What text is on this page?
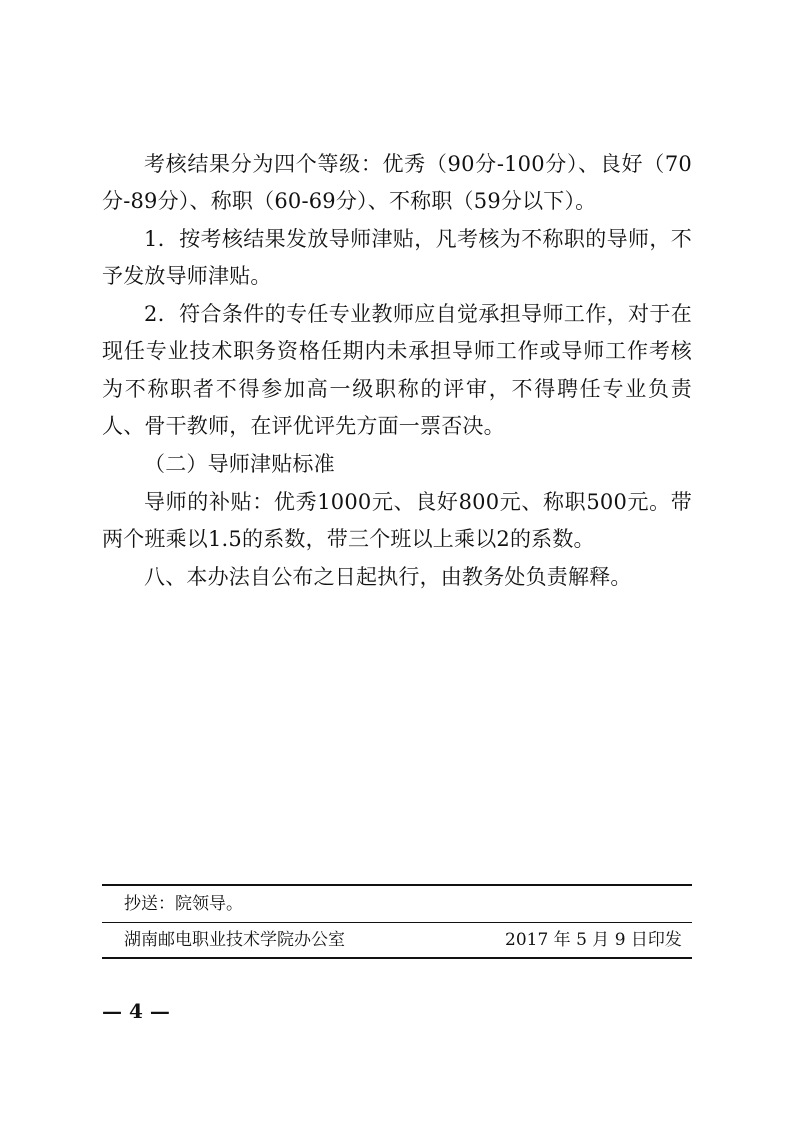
考核结果分为四个等级：优秀（90分-100分）、良好（70分-89分）、称职（60-69分）、不称职（59分以下）。

1．按考核结果发放导师津贴，凡考核为不称职的导师，不予发放导师津贴。

2．符合条件的专任专业教师应自觉承担导师工作，对于在现任专业技术职务资格任期内未承担导师工作或导师工作考核为不称职者不得参加高一级职称的评审，不得聘任专业负责人、骨干教师，在评优评先方面一票否决。

（二）导师津贴标准

导师的补贴：优秀1000元、良好800元、称职500元。带两个班乘以1.5的系数，带三个班以上乘以2的系数。

八、本办法自公布之日起执行，由教务处负责解释。

抄送：院领导。
湖南邮电职业技术学院办公室	2017 年 5 月 9 日印发
— 4 —
